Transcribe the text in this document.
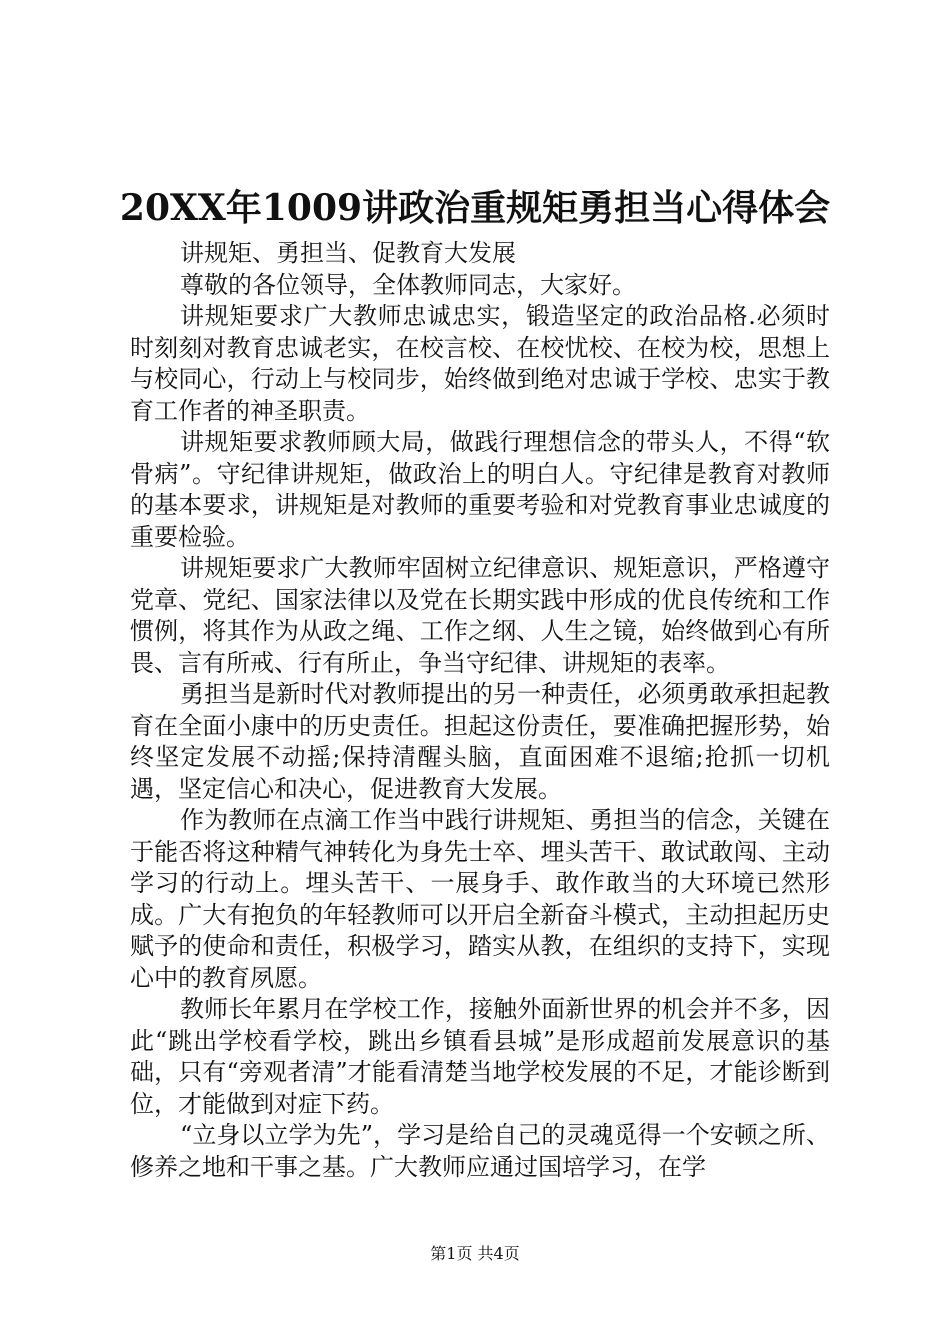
20XX年1009讲政治重规矩勇担当心得体会

讲规矩、勇担当、促教育大发展

尊敬的各位领导，全体教师同志，大家好。

讲规矩要求广大教师忠诚忠实，锻造坚定的政治品格.必须时时刻刻对教育忠诚老实，在校言校、在校忧校、在校为校，思想上与校同心，行动上与校同步，始终做到绝对忠诚于学校、忠实于教育工作者的神圣职责。

讲规矩要求教师顾大局，做践行理想信念的带头人，不得“软骨病”。守纪律讲规矩，做政治上的明白人。守纪律是教育对教师的基本要求，讲规矩是对教师的重要考验和对党教育事业忠诚度的重要检验。

讲规矩要求广大教师牢固树立纪律意识、规矩意识，严格遵守党章、党纪、国家法律以及党在长期实践中形成的优良传统和工作惯例，将其作为从政之绳、工作之纲、人生之镜，始终做到心有所畏、言有所戒、行有所止，争当守纪律、讲规矩的表率。

勇担当是新时代对教师提出的另一种责任，必须勇敢承担起教育在全面小康中的历史责任。担起这份责任，要准确把握形势，始终坚定发展不动摇;保持清醒头脑，直面困难不退缩;抢抓一切机遇，坚定信心和决心，促进教育大发展。

作为教师在点滴工作当中践行讲规矩、勇担当的信念，关键在于能否将这种精气神转化为身先士卒、埋头苦干、敢试敢闯、主动学习的行动上。埋头苦干、一展身手、敢作敢当的大环境已然形成。广大有抱负的年轻教师可以开启全新奋斗模式，主动担起历史赋予的使命和责任，积极学习，踏实从教，在组织的支持下，实现心中的教育夙愿。

教师长年累月在学校工作，接触外面新世界的机会并不多，因此“跳出学校看学校，跳出乡镇看县城”是形成超前发展意识的基础，只有“旁观者清”才能看清楚当地学校发展的不足，才能诊断到位，才能做到对症下药。

“立身以立学为先”，学习是给自己的灵魂觅得一个安顿之所、修养之地和干事之基。广大教师应通过国培学习，在学

第1页 共4页
